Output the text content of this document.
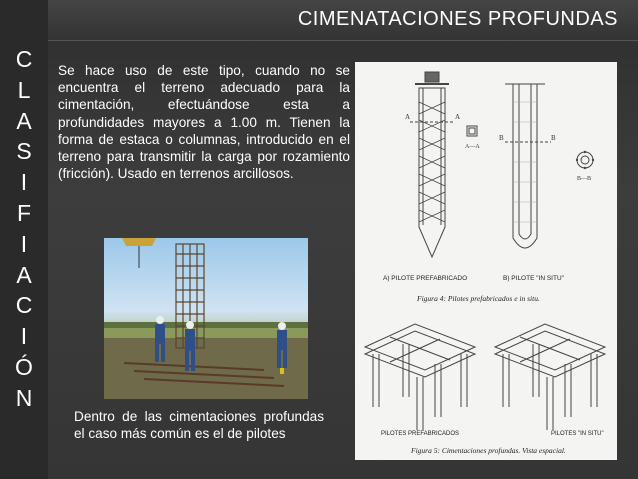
CIMENATACIONES PROFUNDAS
C
L
A
S
I
F
I
A
C
I
Ó
N
Se hace uso de este tipo, cuando no se encuentra el terreno adecuado para la cimentación, efectuándose esta a profundidades mayores a 1.00 m. Tienen la forma de estaca o columnas, introducido en el terreno para transmitir la carga por rozamiento (fricción). Usado en terrenos arcillosos.
Dentro de las cimentaciones profundas el caso más común es el de pilotes
A	A
A—A
B	B
B—B
A) PILOTE PREFABRICADO	B) PILOTE "IN SITU"
Figura 4: Pilotes prefabricados e in situ.
PILOTES PREFABRICADOS	PILOTES "IN SITU"
Figura 5: Cimentaciones profundas. Vista espacial.
